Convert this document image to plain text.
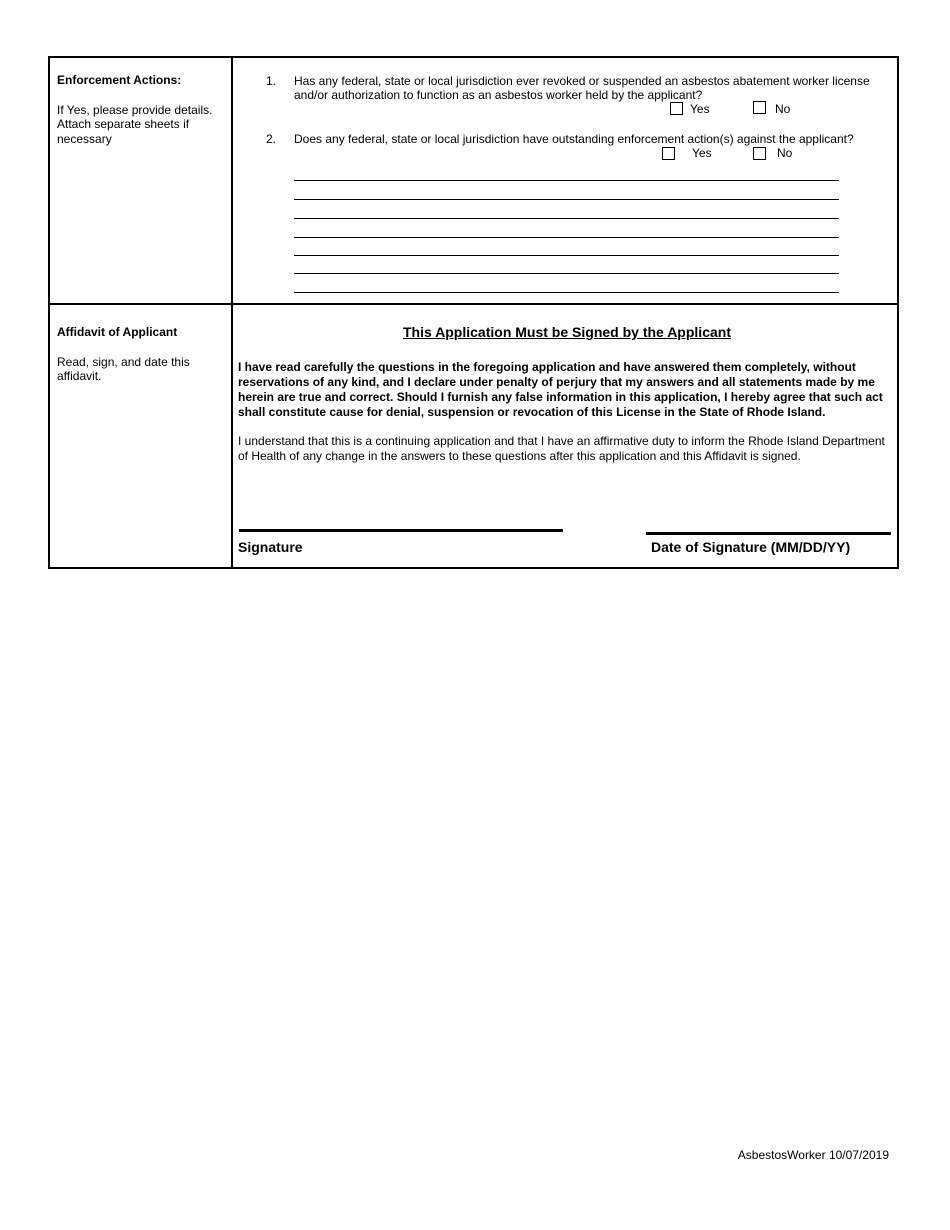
Enforcement Actions:

If Yes, please provide details. Attach separate sheets if necessary

1. Has any federal, state or local jurisdiction ever revoked or suspended an asbestos abatement worker license and/or authorization to function as an asbestos worker held by the applicant?
Yes	No
2. Does any federal, state or local jurisdiction have outstanding enforcement action(s) against the applicant?
Yes	No

Affidavit of Applicant

Read, sign, and date this affidavit.

This Application Must be Signed by the Applicant
I have read carefully the questions in the foregoing application and have answered them completely, without reservations of any kind, and I declare under penalty of perjury that my answers and all statements made by me herein are true and correct. Should I furnish any false information in this application, I hereby agree that such act shall constitute cause for denial, suspension or revocation of this License in the State of Rhode Island.
I understand that this is a continuing application and that I have an affirmative duty to inform the Rhode Island Department of Health of any change in the answers to these questions after this application and this Affidavit is signed.
Signature	Date of Signature (MM/DD/YY)
AsbestosWorker 10/07/2019
